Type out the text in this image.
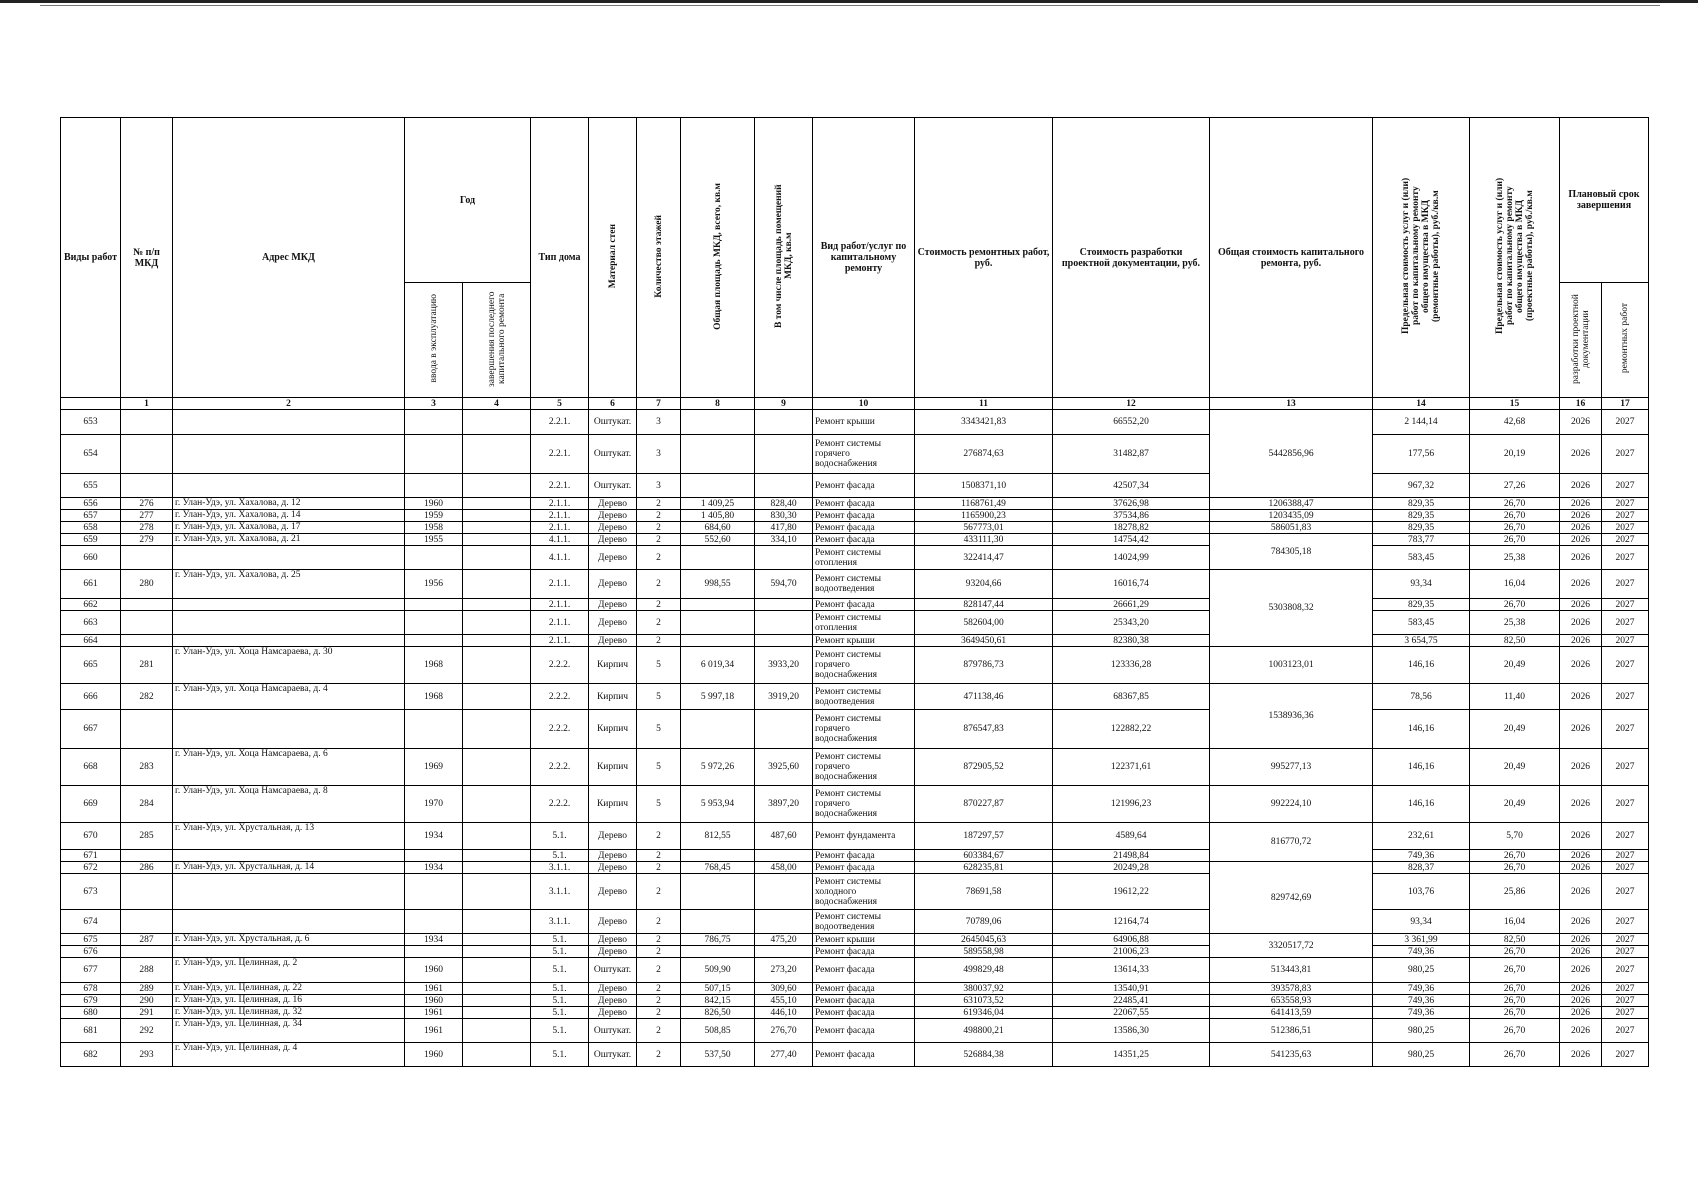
Виды работ	№ п/п МКД	Адрес МКД	Год		Тип дома	Материал стен	Количество этажей	Общая площадь МКД, всего, кв.м	В том числе площадь помещений МКД, кв.м	Вид работ/услуг по капитальному ремонту	Стоимость ремонтных работ, руб.	Стоимость разработки проектной документации, руб.	Общая стоимость капитального ремонта, руб.	Предельная стоимость услуг и (или) работ по капитальному ремонту общего имущества в МКД (ремонтные работы), руб./кв.м	Предельная стоимость услуг и (или) работ по капитальному ремонту общего имущества в МКД (проектные работы), руб./кв.м	Плановый срок завершения	
			ввода в эксплуатацию	завершения последнего капитального ремонта												разработки проектной документации	ремонтных работ
	1	2	3	4	5	6	7	8	9	10	11	12	13	14	15	16	17
653					2.2.1.	Оштукат.	3			Ремонт крыши	3343421,83	66552,20	5442856,96	2 144,14	42,68	2026	2027
654					2.2.1.	Оштукат.	3			Ремонт системы горячего водоснабжения	276874,63	31482,87		177,56	20,19	2026	2027
655					2.2.1.	Оштукат.	3			Ремонт фасада	1508371,10	42507,34		967,32	27,26	2026	2027
656	276	г. Улан-Удэ, ул. Хахалова, д. 12	1960		2.1.1.	Дерево	2	1 409,25	828,40	Ремонт фасада	1168761,49	37626,98	1206388,47	829,35	26,70	2026	2027
657	277	г. Улан-Удэ, ул. Хахалова, д. 14	1959		2.1.1.	Дерево	2	1 405,80	830,30	Ремонт фасада	1165900,23	37534,86	1203435,09	829,35	26,70	2026	2027
658	278	г. Улан-Удэ, ул. Хахалова, д. 17	1958		2.1.1.	Дерево	2	684,60	417,80	Ремонт фасада	567773,01	18278,82	586051,83	829,35	26,70	2026	2027
659	279	г. Улан-Удэ, ул. Хахалова, д. 21	1955		4.1.1.	Дерево	2	552,60	334,10	Ремонт фасада	433111,30	14754,42	784305,18	783,77	26,70	2026	2027
660					4.1.1.	Дерево	2			Ремонт системы отопления	322414,47	14024,99		583,45	25,38	2026	2027
661	280	г. Улан-Удэ, ул. Хахалова, д. 25	1956		2.1.1.	Дерево	2	998,55	594,70	Ремонт системы водоотведения	93204,66	16016,74	5303808,32	93,34	16,04	2026	2027
662					2.1.1.	Дерево	2			Ремонт фасада	828147,44	26661,29		829,35	26,70	2026	2027
663					2.1.1.	Дерево	2			Ремонт системы отопления	582604,00	25343,20		583,45	25,38	2026	2027
664					2.1.1.	Дерево	2			Ремонт крыши	3649450,61	82380,38		3 654,75	82,50	2026	2027
665	281	г. Улан-Удэ, ул. Хоца Намсараева, д. 30	1968		2.2.2.	Кирпич	5	6 019,34	3933,20	Ремонт системы горячего водоснабжения	879786,73	123336,28	1003123,01	146,16	20,49	2026	2027
666	282	г. Улан-Удэ, ул. Хоца Намсараева, д. 4	1968		2.2.2.	Кирпич	5	5 997,18	3919,20	Ремонт системы водоотведения	471138,46	68367,85	1538936,36	78,56	11,40	2026	2027
667					2.2.2.	Кирпич	5			Ремонт системы горячего водоснабжения	876547,83	122882,22		146,16	20,49	2026	2027
668	283	г. Улан-Удэ, ул. Хоца Намсараева, д. 6	1969		2.2.2.	Кирпич	5	5 972,26	3925,60	Ремонт системы горячего водоснабжения	872905,52	122371,61	995277,13	146,16	20,49	2026	2027
669	284	г. Улан-Удэ, ул. Хоца Намсараева, д. 8	1970		2.2.2.	Кирпич	5	5 953,94	3897,20	Ремонт системы горячего водоснабжения	870227,87	121996,23	992224,10	146,16	20,49	2026	2027
670	285	г. Улан-Удэ, ул. Хрустальная, д. 13	1934		5.1.	Дерево	2	812,55	487,60	Ремонт фундамента	187297,57	4589,64	816770,72	232,61	5,70	2026	2027
671					5.1.	Дерево	2			Ремонт фасада	603384,67	21498,84		749,36	26,70	2026	2027
672	286	г. Улан-Удэ, ул. Хрустальная, д. 14	1934		3.1.1.	Дерево	2	768,45	458,00	Ремонт фасада	628235,81	20249,28	829742,69	828,37	26,70	2026	2027
673					3.1.1.	Дерево	2			Ремонт системы холодного водоснабжения	78691,58	19612,22		103,76	25,86	2026	2027
674					3.1.1.	Дерево	2			Ремонт системы водоотведения	70789,06	12164,74		93,34	16,04	2026	2027
675	287	г. Улан-Удэ, ул. Хрустальная, д. 6	1934		5.1.	Дерево	2	786,75	475,20	Ремонт крыши	2645045,63	64906,88	3320517,72	3 361,99	82,50	2026	2027
676					5.1.	Дерево	2			Ремонт фасада	589558,98	21006,23		749,36	26,70	2026	2027
677	288	г. Улан-Удэ, ул. Целинная, д. 2	1960		5.1.	Оштукат.	2	509,90	273,20	Ремонт фасада	499829,48	13614,33	513443,81	980,25	26,70	2026	2027
678	289	г. Улан-Удэ, ул. Целинная, д. 22	1961		5.1.	Дерево	2	507,15	309,60	Ремонт фасада	380037,92	13540,91	393578,83	749,36	26,70	2026	2027
679	290	г. Улан-Удэ, ул. Целинная, д. 16	1960		5.1.	Дерево	2	842,15	455,10	Ремонт фасада	631073,52	22485,41	653558,93	749,36	26,70	2026	2027
680	291	г. Улан-Удэ, ул. Целинная, д. 32	1961		5.1.	Дерево	2	826,50	446,10	Ремонт фасада	619346,04	22067,55	641413,59	749,36	26,70	2026	2027
681	292	г. Улан-Удэ, ул. Целинная, д. 34	1961		5.1.	Оштукат.	2	508,85	276,70	Ремонт фасада	498800,21	13586,30	512386,51	980,25	26,70	2026	2027
682	293	г. Улан-Удэ, ул. Целинная, д. 4	1960		5.1.	Оштукат.	2	537,50	277,40	Ремонт фасада	526884,38	14351,25	541235,63	980,25	26,70	2026	2027
